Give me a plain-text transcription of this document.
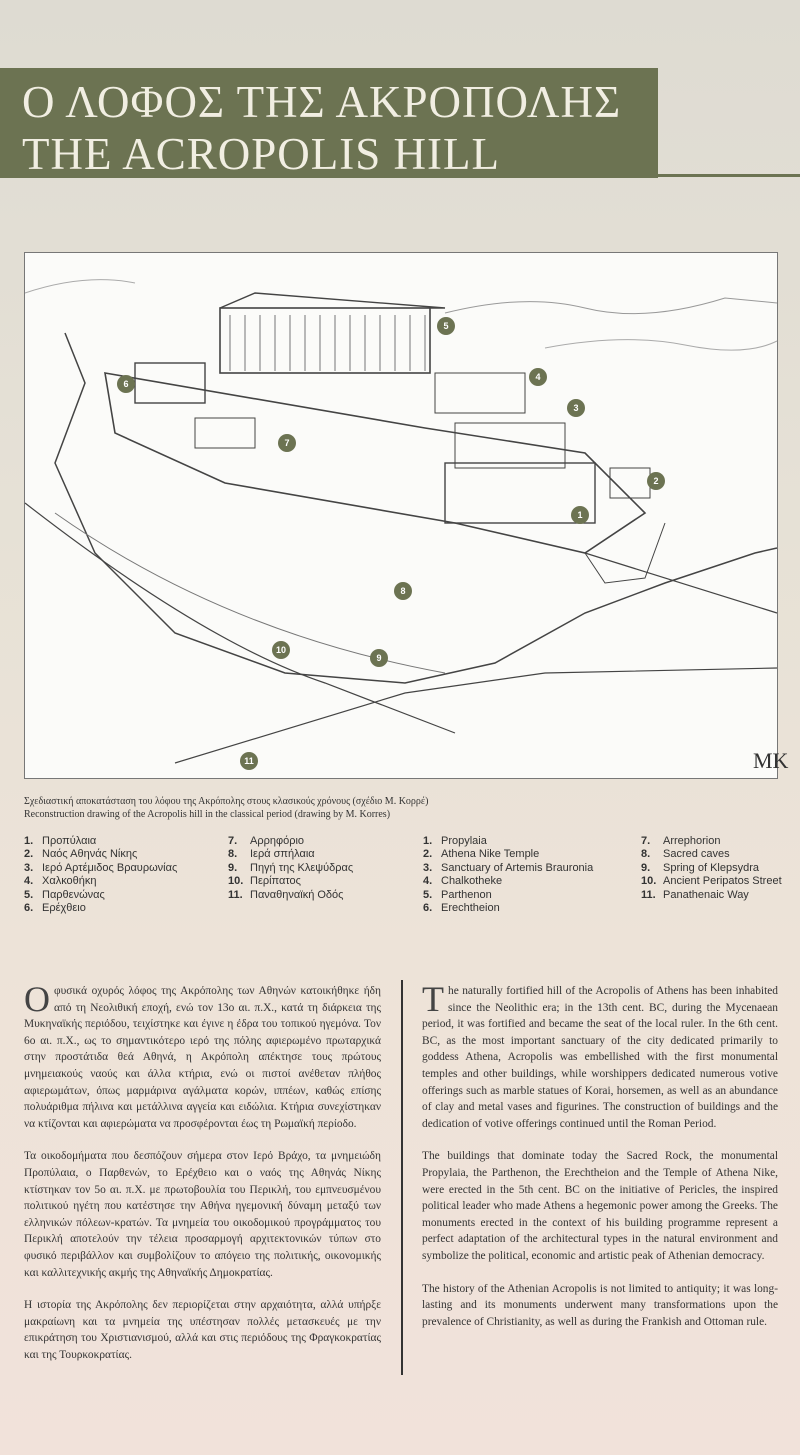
Ο ΛΟΦΟΣ ΤΗΣ ΑΚΡΟΠΟΛΗΣ
THE ACROPOLIS HILL
MK
1
2
3
4
5
6
7
8
9
10
11
Σχεδιαστική αποκατάσταση του λόφου της Ακρόπολης στους κλασικούς χρόνους (σχέδιο Μ. Κορρέ)
Reconstruction drawing of the Acropolis hill in the classical period (drawing by M. Korres)
1. Προπύλαια
2. Ναός Αθηνάς Νίκης
3. Ιερό Αρτέμιδος Βραυρωνίας
4. Χαλκοθήκη
5. Παρθενώνας
6. Ερέχθειο
7.	Αρρηφόριο
8.	Ιερά σπήλαια
9.	Πηγή της Κλεψύδρας
10. Περίπατος
11. Παναθηναϊκή Οδός
1. Propylaia
2. Athena Nike Temple
3. Sanctuary of Artemis Brauronia
4. Chalkotheke
5. Parthenon
6. Erechtheion
7.	Arrephorion
8.	Sacred caves
9.	Spring of Klepsydra
10. Ancient Peripatos Street
11. Panathenaic Way

Οφυσικά οχυρός λόφος της Ακρόπολης των Αθηνών κατοικήθηκε ήδη από τη Νεολιθική εποχή, ενώ τον 13ο αι. π.Χ., κατά τη διάρκεια της Μυκηναϊκής περιόδου, τειχίστηκε και έγινε η έδρα του τοπικού ηγεμόνα. Τον 6ο αι. π.Χ., ως το σημαντικότερο ιερό της πόλης αφιερωμένο πρωταρχικά στην προστάτιδα θεά Αθηνά, η Ακρόπολη απέκτησε τους πρώτους μνημειακούς ναούς και άλλα κτήρια, ενώ οι πιστοί ανέθεταν πλήθος αφιερωμάτων, όπως μαρμάρινα αγάλματα κορών, ιππέων, καθώς επίσης πολυάριθμα πήλινα και μετάλλινα αγγεία και ειδώλια. Κτήρια συνεχίστηκαν να κτίζονται και αφιερώματα να προσφέρονται έως τη Ρωμαϊκή περίοδο.

Τα οικοδομήματα που δεσπόζουν σήμερα στον Ιερό Βράχο, τα μνημειώδη Προπύλαια, ο Παρθενών, το Ερέχθειο και ο ναός της Αθηνάς Νίκης κτίστηκαν τον 5ο αι. π.Χ. με πρωτοβουλία του Περικλή, του εμπνευσμένου πολιτικού ηγέτη που κατέστησε την Αθήνα ηγεμονική δύναμη μεταξύ των ελληνικών πόλεων-κρατών. Τα μνημεία του οικοδομικού προγράμματος του Περικλή αποτελούν την τέλεια προσαρμογή αρχιτεκτονικών τύπων στο φυσικό περιβάλλον και συμβολίζουν το απόγειο της πολιτικής, οικονομικής και καλλιτεχνικής ακμής της Αθηναϊκής Δημοκρατίας.

Η ιστορία της Ακρόπολης δεν περιορίζεται στην αρχαιότητα, αλλά υπήρξε μακραίωνη και τα μνημεία της υπέστησαν πολλές μετασκευές με την επικράτηση του Χριστιανισμού, αλλά και στις περιόδους της Φραγκοκρατίας και της Τουρκοκρατίας.

The naturally fortified hill of the Acropolis of Athens has been inhabited since the Neolithic era; in the 13th cent. BC, during the Mycenaean period, it was fortified and became the seat of the local ruler. In the 6th cent. BC, as the most important sanctuary of the city dedicated primarily to goddess Athena, Acropolis was embellished with the first monumental temples and other buildings, while worshippers dedicated numerous votive offerings such as marble statues of Korai, horsemen, as well as an abundance of clay and metal vases and figurines. The construction of buildings and the dedication of votive offerings continued until the Roman Period.

The buildings that dominate today the Sacred Rock, the monumental Propylaia, the Parthenon, the Erechtheion and the Temple of Athena Nike, were erected in the 5th cent. BC on the initiative of Pericles, the inspired political leader who made Athens a hegemonic power among the Greeks. The monuments erected in the context of his building programme represent a perfect adaptation of the architectural types in the natural environment and symbolize the political, economic and artistic peak of Athenian democracy.

The history of the Athenian Acropolis is not limited to antiquity; it was long-lasting and its monuments underwent many transformations upon the prevalence of Christianity, as well as during the Frankish and Ottoman rule.
